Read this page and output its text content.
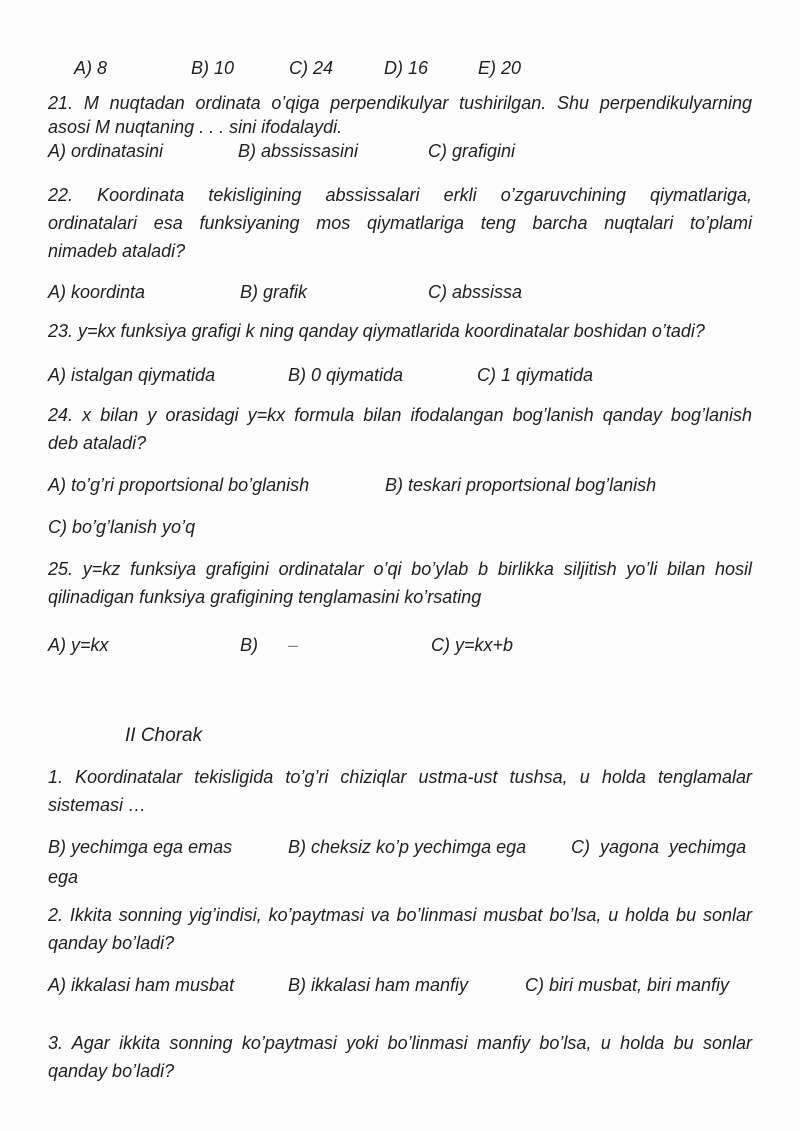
A) 8	B) 10	C) 24	D) 16	E) 20
21. M nuqtadan ordinata o’qiga perpendikulyar tushirilgan. Shu perpendikulyarning
asosi M nuqtaning . . . sini ifodalaydi.
A) ordinatasini	B) abssissasini	C) grafigini
22. Koordinata tekisligining abssissalari erkli o’zgaruvchining qiymatlariga,
ordinatalari esa funksiyaning mos qiymatlariga teng barcha nuqtalari to’plami
nimadeb ataladi?
A) koordinta	B) grafik	C) abssissa
23. y=kx funksiya grafigi k ning qanday qiymatlarida koordinatalar boshidan o’tadi?
A) istalgan qiymatida	B) 0 qiymatida	C) 1 qiymatida
24. x bilan y orasidagi y=kx formula bilan ifodalangan bog’lanish qanday bog’lanish
deb ataladi?
A) to’g’ri proportsional bo’glanish	B) teskari proportsional bog’lanish
C) bo’g’lanish yo’q
25. y=kz funksiya grafigini ordinatalar o’qi bo’ylab b birlikka siljitish yo’li bilan hosil
qilinadigan funksiya grafigining tenglamasini ko’rsating
A) y=kx	B) –	C) y=kx+b
II Chorak
1. Koordinatalar tekisligida to’g’ri chiziqlar ustma-ust tushsa, u holda tenglamalar
sistemasi …
B) yechimga ega emas	B) cheksiz ko’p yechimga ega C)  yagona  yechimga
ega
2. Ikkita sonning yig’indisi, ko’paytmasi va bo’linmasi musbat bo’lsa, u holda bu sonlar
qanday bo’ladi?
A) ikkalasi ham musbat	B) ikkalasi ham manfiy	C) biri musbat, biri manfiy
3. Agar ikkita sonning ko’paytmasi yoki bo’linmasi manfiy bo’lsa, u holda bu sonlar
qanday bo’ladi?
